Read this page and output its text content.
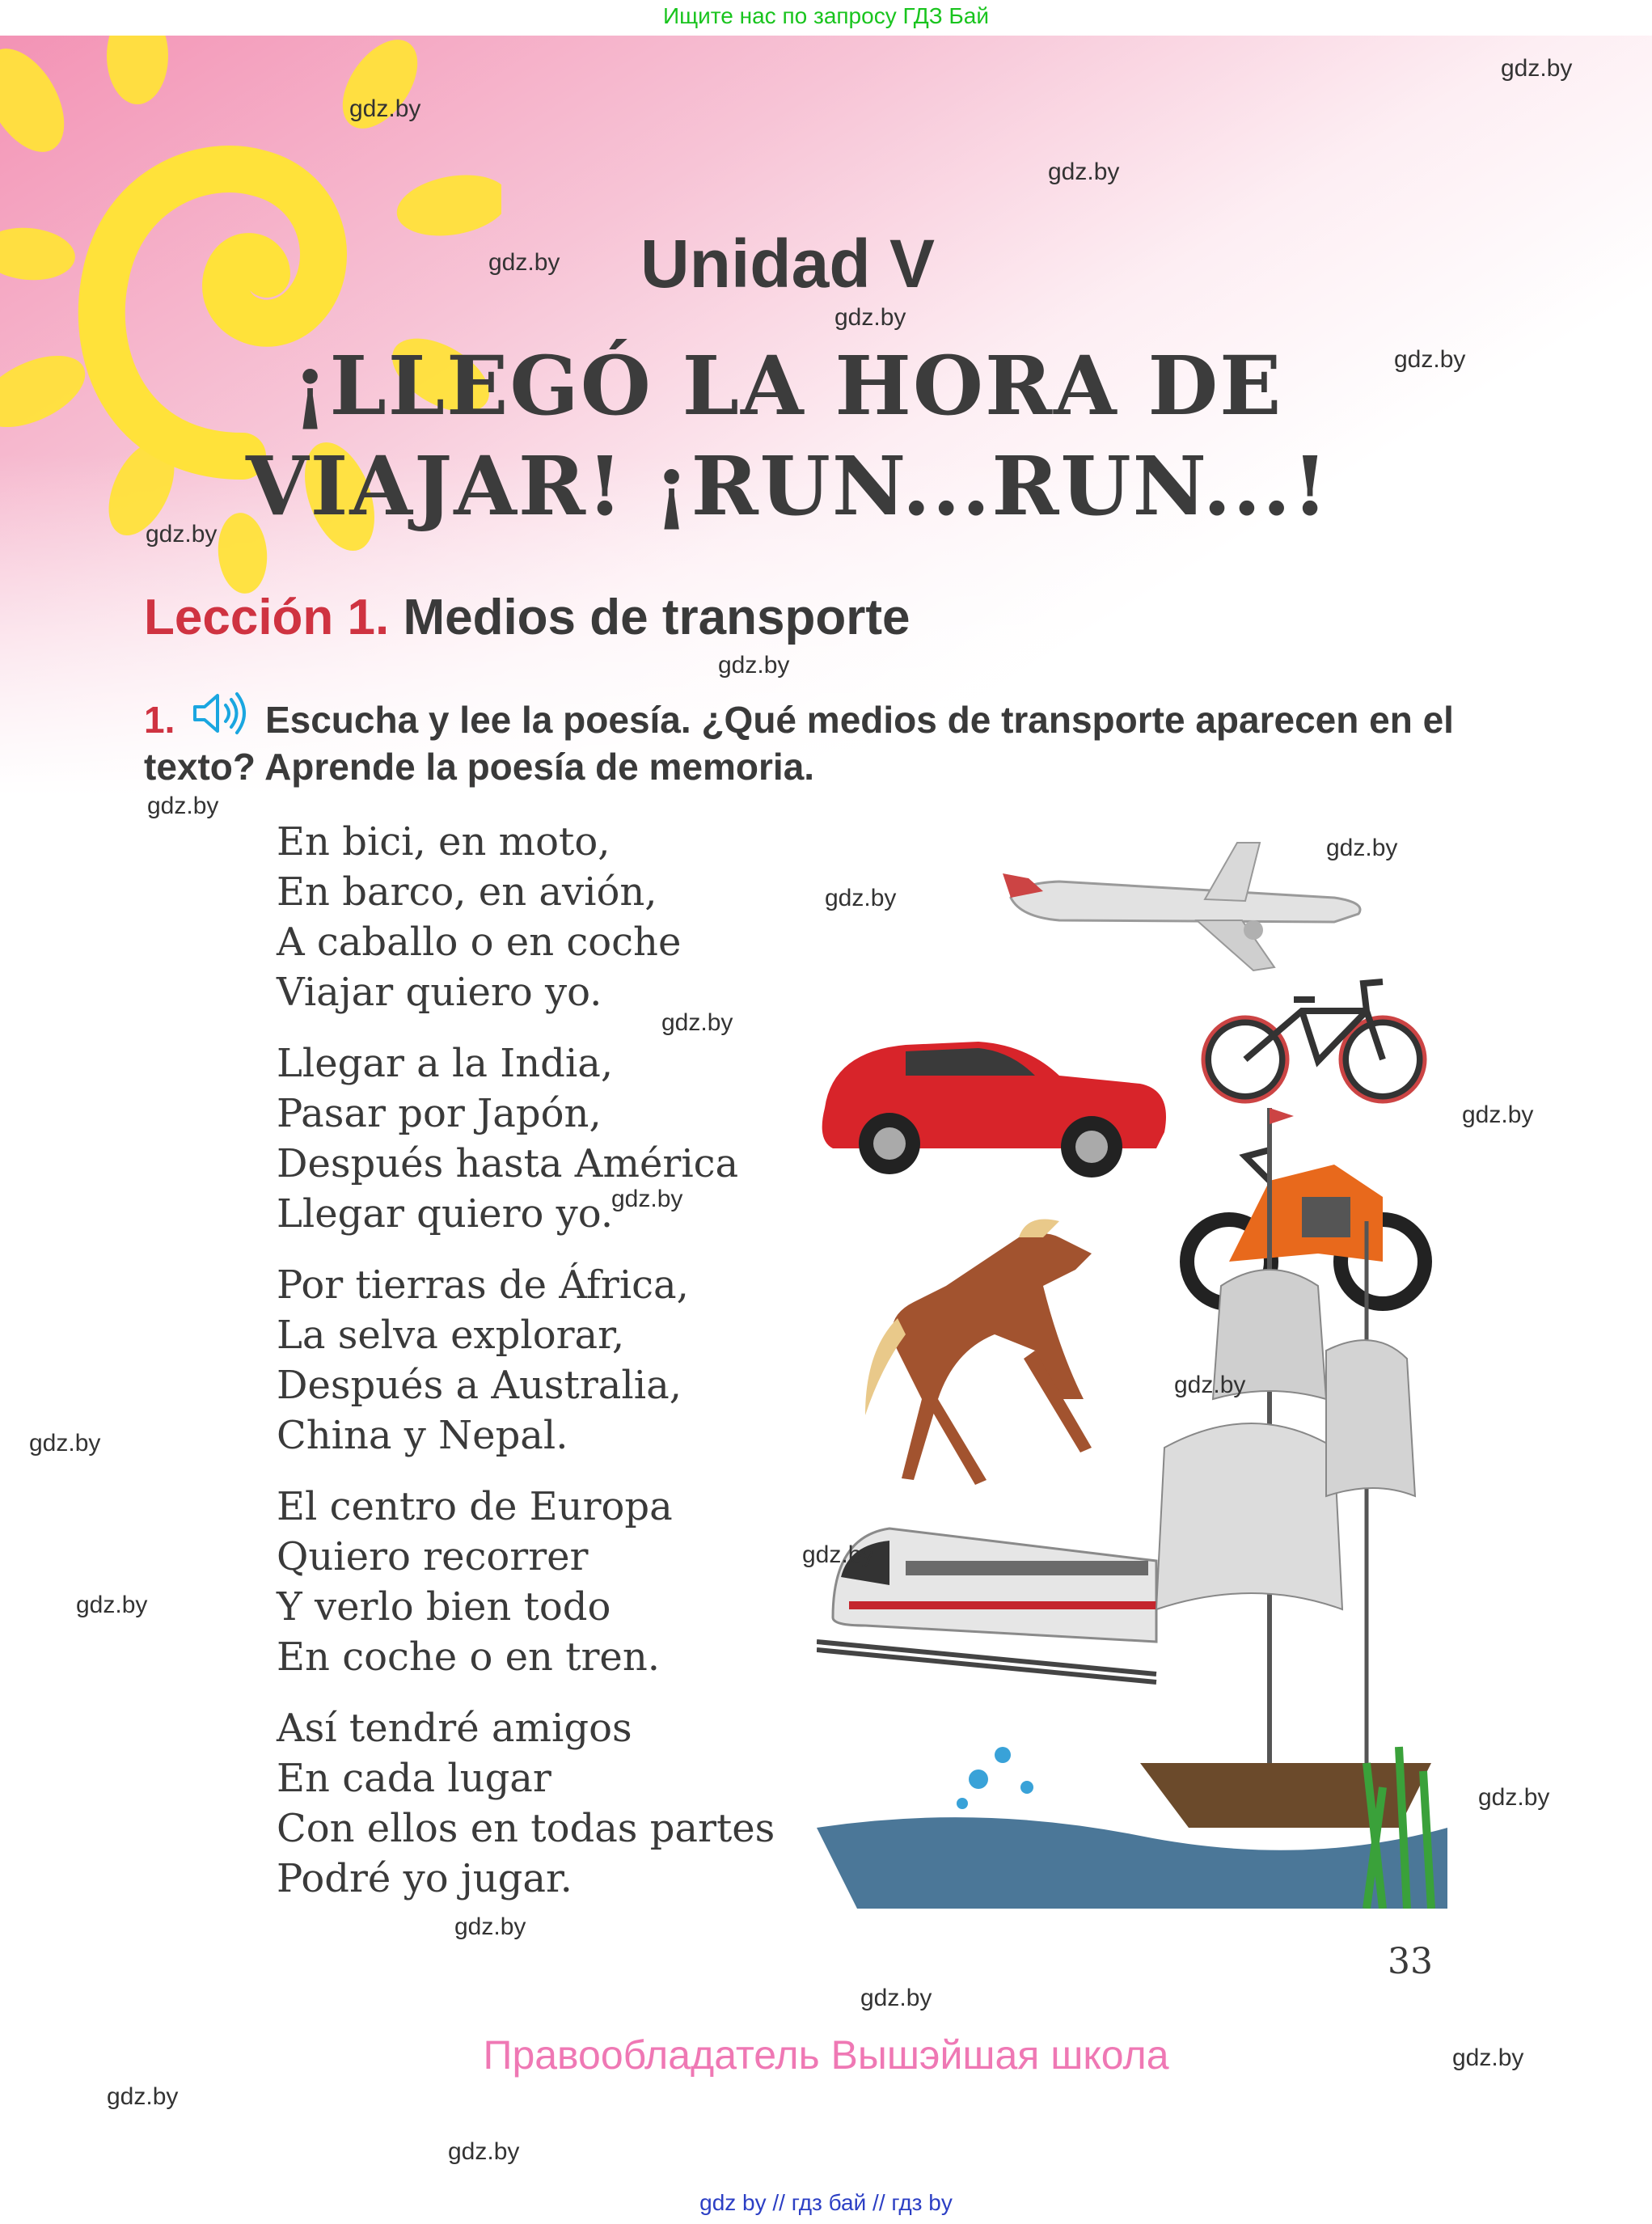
Ищите нас по запросу ГДЗ Бай
Unidad V
¡LLEGÓ LA HORA DE
VIAJAR! ¡RUN...RUN...!
Lección 1. Medios de transporte
1. Escucha y lee la poesía. ¿Qué medios de transporte aparecen en el texto? Aprende la poesía de memoria.
En bici, en moto,
En barco, en avión,
A caballo o en coche
Viajar quiero yo.
Llegar a la India,
Pasar por Japón,
Después hasta América
Llegar quiero yo.
Por tierras de África,
La selva explorar,
Después a Australia,
China y Nepal.
El centro de Europa
Quiero recorrer
Y verlo bien todo
En coche o en tren.
Así tendré amigos
En cada lugar
Con ellos en todas partes
Podré yo jugar.
33
Правообладатель Вышэйшая школа
gdz by // гдз бай // гдз by
gdz.by
gdz.by
gdz.by
gdz.by
gdz.by
gdz.by
gdz.by
gdz.by
gdz.by
gdz.by
gdz.by
gdz.by
gdz.by
gdz.by
gdz.by
gdz.by
gdz.by
gdz.by
gdz.by
gdz.by
gdz.by
gdz.by
gdz.by
gdz.by
